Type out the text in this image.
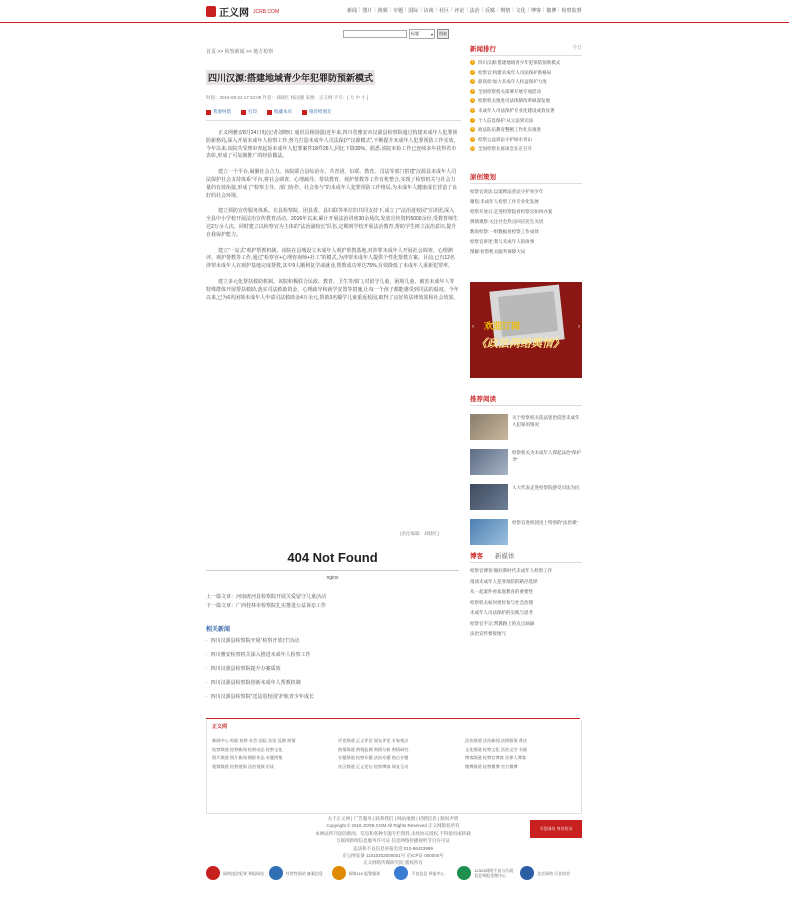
正义网 JCRB.COM	新闻 | 图片 | 视频 | 专题 | 国际 | 访谈 | 社区 | 评论 | 法治 | 反腐 | 舆情 | 文化 | 博客 | 微博 | 检察监督
标题	▾	搜索
首页 >> 检察新闻 >> 地方检察
四川汉源:搭建地域青少年犯罪防预新模式
时间：2016-08-24 17:34:08 作者：刘晓红 杨国强 来源：正义网 字号：[ 大 中 小 ]
我要纠错	打印	收藏本页	推荐给朋友

正义网雅安8月24日电(记者刘晓红 通讯员杨国强)近年来,四川省雅安市汉源县检察院通过构建未成年人犯罪预防新格局,深入开展未成年人检察工作,努力打造未成年人司法保护“汉源模式”,不断提升未成年人犯罪预防工作实效。今年以来,该院共受理审查起诉未成年人犯罪案件18件26人,同比下降30%。据悉,该院未检工作已连续多年获得省市表彰,形成了可复制推广的经验做法。

建立一个平台,凝聚社会合力。该院联合县综治办、共青团、妇联、教育、司法等部门搭建“汉源县未成年人司法保护社会支持体系”平台,将社会调查、心理疏导、帮扶教育、观护帮教等工作有机整合,实现了检察机关与社会力量的有效衔接,形成了“检察主导、部门协作、社会参与”的未成年人犯罪预防工作格局,为未成年人健康成长营造了良好的社会环境。

建立预防宣传服务体系。在县检察院、团县委、县妇联等单位的共同支持下,成立了“法治进校园”宣讲团,深入全县中小学校开展法治宣传教育活动。2016年以来,累计开展法治讲座30余场次,发放宣传资料5000余份,受教育师生达2万余人次。同时建立以检察官为主体的“法治副校长”队伍,定期到学校开展法治教育,帮助学生树立法治意识,提升自我保护能力。

建立“一站式”观护帮教机制。该院在县城设立未成年人观护帮教基地,对涉罪未成年人开展社会调查、心理测评、观护帮教等工作,通过“检察官+心理咨询师+社工”的模式,为涉罪未成年人提供个性化帮教方案。目前,已有12名涉罪未成年人在观护基地完成帮教,其中9人顺利复学或就业,帮教成功率达75%,有效降低了未成年人重新犯罪率。

建立多元化帮扶救助机制。该院积极联合民政、教育、卫生等部门,对留守儿童、困境儿童、被害未成年人等特殊群体开展帮扶救助,落实司法救助资金、心理疏导和就学安置等措施,让每一个孩子都能感受到司法的温度。今年以来,已为6名困境未成年人申请司法救助金4万余元,帮助3名辍学儿童重返校园,取得了良好的法律效果和社会效果。

(责任编辑：刘晓红)
404 Not Found
nginx
上一篇文章：河南唐河县检察院开展关爱留守儿童活动
下一篇文章：广西桂林市检察院扎实推进公益诉讼工作
相关新闻
· 四川汉源县检察院开展“检察开放日”活动
· 四川雅安检察机关深入推进未成年人检察工作
· 四川汉源县检察院提升办案质效
· 四川汉源县检察院创新未成年人帮教机制
· 四川汉源县检察院“送法进校园”护航青少年成长
新闻排行	今日
1	四川汉源:搭建地域青少年犯罪防预新模式
2	检察官:构建未成年人司法保护新格局
3	最高检:加大未成年人权益保护力度
4	全国检察机关部署开展专项活动
5	检察机关推进司法体制改革纵深发展
6	未成年人司法保护专业化建设成效显著
7	个人信息保护:从立法到司法
8	政法队伍教育整顿工作扎实推进
9	检察公益诉讼守护绿水青山
10 全国检察长座谈会在京召开
原创策划
检察官说法:以案释法普法守护青少年
聚焦:未成年人检察工作专业化发展
检察开放日:走进检察院看检察官如何办案
舆情观察:关注社会热点回应民生关切
数说检察:一组数据看检察工作成效
检察官讲述:我与未成年人的故事
图解:检察机关服务保障大局
欢迎订阅
《政法网络舆情》
‹	›
推荐阅读
关于检察机关依法惩治侵害未成年人犯罪的情况
检察机关为未成年人撑起法治“保护伞”
人大代表走进检察院感受司法为民
检察官进校园送上特别的“法治课”
博客 新媒体
检察官博客:做好新时代未成年人检察工作
漫谈未成年人犯罪预防的路径选择
从一起案件看家庭教育的重要性
检察机关如何更好参与社会治理
未成年人司法保护的实践与思考
检察官手记:帮教路上的点点滴滴
法治宣传要接地气
正义网
新闻中心 时政 检察 社会 国际 法治 反腐 舆情
检察频道 检察新闻 检察动态 检察文化
图片频道 图片新闻 摄影作品 专题图集
视频频道 检察视频 法治视频 访谈
评论频道 正义评论 网友评论 专家观点
舆情频道 舆情监测 舆情分析 舆情研究
专题频道 检察专题 法治专题 热点专题
社区频道 正义论坛 检察博客 网友互动
法治频道 法治新闻 法律服务 普法
文化频道 检察文化 法治文学 书画
博客频道 检察官博客 法律人博客
微博频道 检察微博 官方微博
关于正义网 | 广告服务 | 联系我们 | 网站地图 | 招聘信息 | 版权声明
Copyright © 2016 JCRB.COM All Rights Reserved 正义网版权所有
本网站所刊登的新闻、信息和各种专题专栏资料,未经协议授权,不得使用或转载
互联网新闻信息服务许可证 信息网络传播视听节目许可证
违法和不良信息举报电话:010-86423999
京公网安备 11010202000001号 京ICP证 000000号
正义网络传媒研究院 版权所有
可信网站 身份验证
网络违法犯罪 举报网站	经营性网站 备案信息	网络110 报警服务	不良信息 举报中心	12321网络不良与垃圾信息举报受理中心	北京网络 行业协会
